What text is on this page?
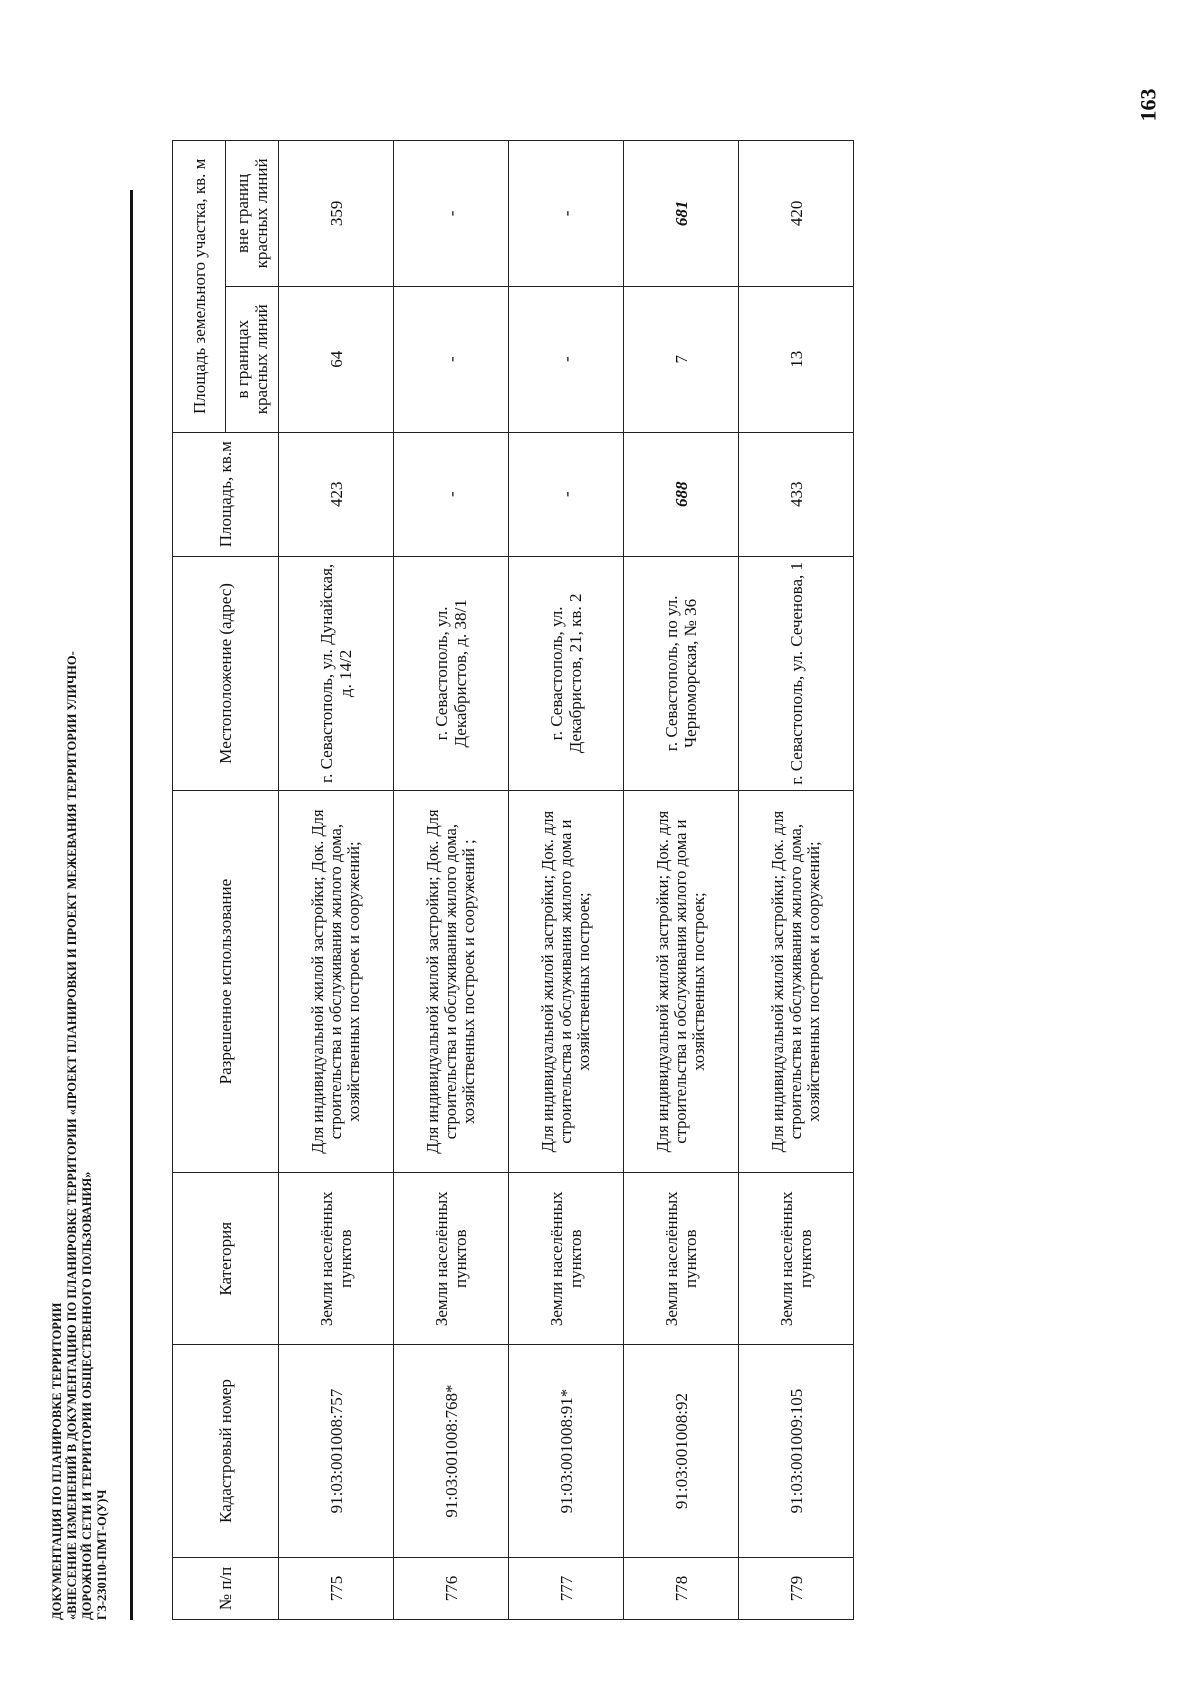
163
ДОКУМЕНТАЦИЯ ПО ПЛАНИРОВКЕ ТЕРРИТОРИИ «ВНЕСЕНИЕ ИЗМЕНЕНИЙ В ДОКУМЕНТАЦИЮ ПО ПЛАНИРОВКЕ ТЕРРИТОРИИ «ПРОЕКТ ПЛАНИРОВКИ И ПРОЕКТ МЕЖЕВАНИЯ ТЕРРИТОРИИ УЛИЧНО- ДОРОЖНОЙ СЕТИ И ТЕРРИТОРИИ ОБЩЕСТВЕННОГО ПОЛЬЗОВАНИЯ» ГЗ-230110-ПМТ-О(У)Ч	№ п/п	Кадастровый номер	Категория	Разрешенное использование	Местоположение (адрес)	Площадь, кв.м	Площадь земельного участка, кв. м	
						в границах красных линий	вне границ красных линий
775	91:03:001008:757	Земли населённых пунктов	Для индивидуальной жилой застройки; Док. Для строительства и обслуживания жилого дома, хозяйственных построек и сооружений;	г. Севастополь, ул. Дунайская, д. 14/2	423	64	359
776	91:03:001008:768*	Земли населённых пунктов	Для индивидуальной жилой застройки; Док. Для строительства и обслуживания жилого дома, хозяйственных построек и сооружений ;	г. Севастополь, ул. Декабристов, д. 38/1	-	-	-
777	91:03:001008:91*	Земли населённых пунктов	Для индивидуальной жилой застройки; Док. для строительства и обслуживания жилого дома и хозяйственных построек;	г. Севастополь, ул. Декабристов, 21, кв. 2	-	-	-
778	91:03:001008:92	Земли населённых пунктов	Для индивидуальной жилой застройки; Док. для строительства и обслуживания жилого дома и хозяйственных построек;	г. Севастополь, по ул. Черноморская, № 36	688	7	681
779	91:03:001009:105	Земли населённых пунктов	Для индивидуальной жилой застройки; Док. для строительства и обслуживания жилого дома, хозяйственных построек и сооружений;	г. Севастополь, ул. Сеченова, 1	433	13	420
